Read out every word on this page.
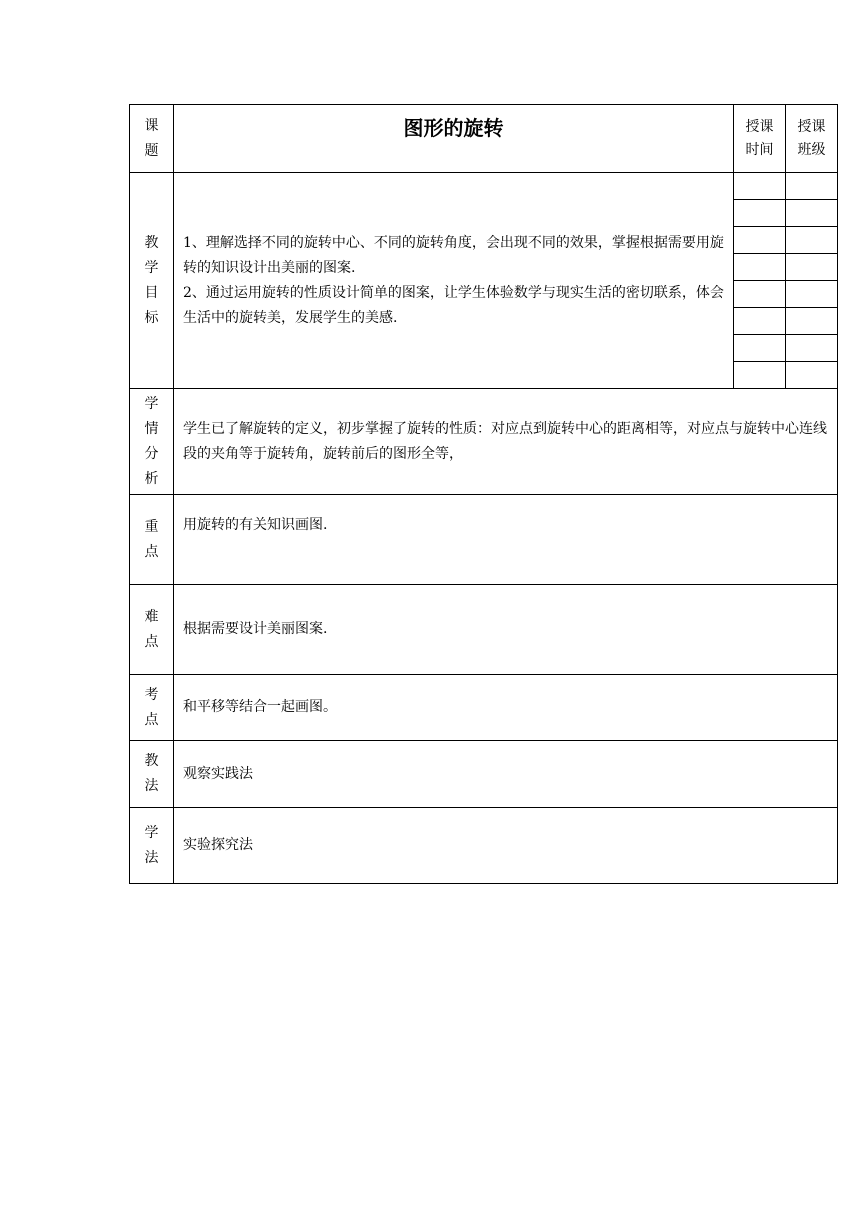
课题	图形的旋转	授课时间	授课班级

教学目标	1、理解选择不同的旋转中心、不同的旋转角度，会出现不同的效果，掌握根据需要用旋转的知识设计出美丽的图案.

2、通过运用旋转的性质设计简单的图案，让学生体验数学与现实生活的密切联系，体会生活中的旋转美，发展学生的美感.		

学情分析	学生已了解旋转的定义，初步掌握了旋转的性质：对应点到旋转中心的距离相等，对应点与旋转中心连线段的夹角等于旋转角，旋转前后的图形全等，		

重点	用旋转的有关知识画图.		

难点	根据需要设计美丽图案.		

考点	和平移等结合一起画图。		

教法	观察实践法		

学法	实验探究法		
